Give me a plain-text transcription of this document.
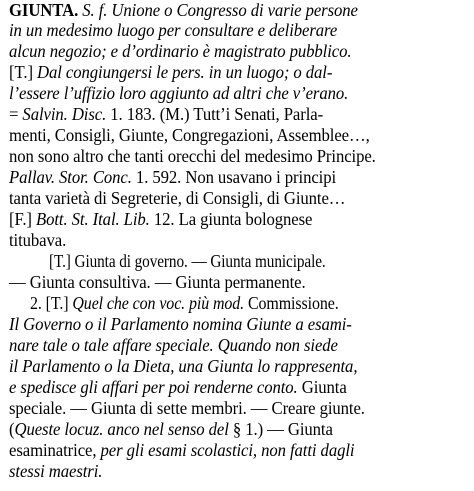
GIUNTA. S. f. Unione o Congresso di varie persone
in un medesimo luogo per consultare e deliberare
alcun negozio; e d’ordinario è magistrato pubblico.
[T.] Dal congiungersi le pers. in un luogo; o dal-
l’essere l’uffizio loro aggiunto ad altri che v’erano.
= Salvin. Disc. 1. 183. (M.) Tutt’i Senati, Parla-
menti, Consigli, Giunte, Congregazioni, Assemblee…,
non sono altro che tanti orecchi del medesimo Principe.
Pallav. Stor. Conc. 1. 592. Non usavano i principi
tanta varietà di Segreterie, di Consigli, di Giunte…
[F.] Bott. St. Ital. Lib. 12. La giunta bolognese
titubava.
[T.] Giunta di governo. — Giunta municipale.
— Giunta consultiva. — Giunta permanente.
2. [T.] Quel che con voc. più mod. Commissione.
Il Governo o il Parlamento nomina Giunte a esami-
nare tale o tale affare speciale. Quando non siede
il Parlamento o la Dieta, una Giunta lo rappresenta,
e spedisce gli affari per poi renderne conto. Giunta
speciale. — Giunta di sette membri. — Creare giunte.
(Queste locuz. anco nel senso del § 1.) — Giunta
esaminatrice, per gli esami scolastici, non fatti dagli
stessi maestri.
